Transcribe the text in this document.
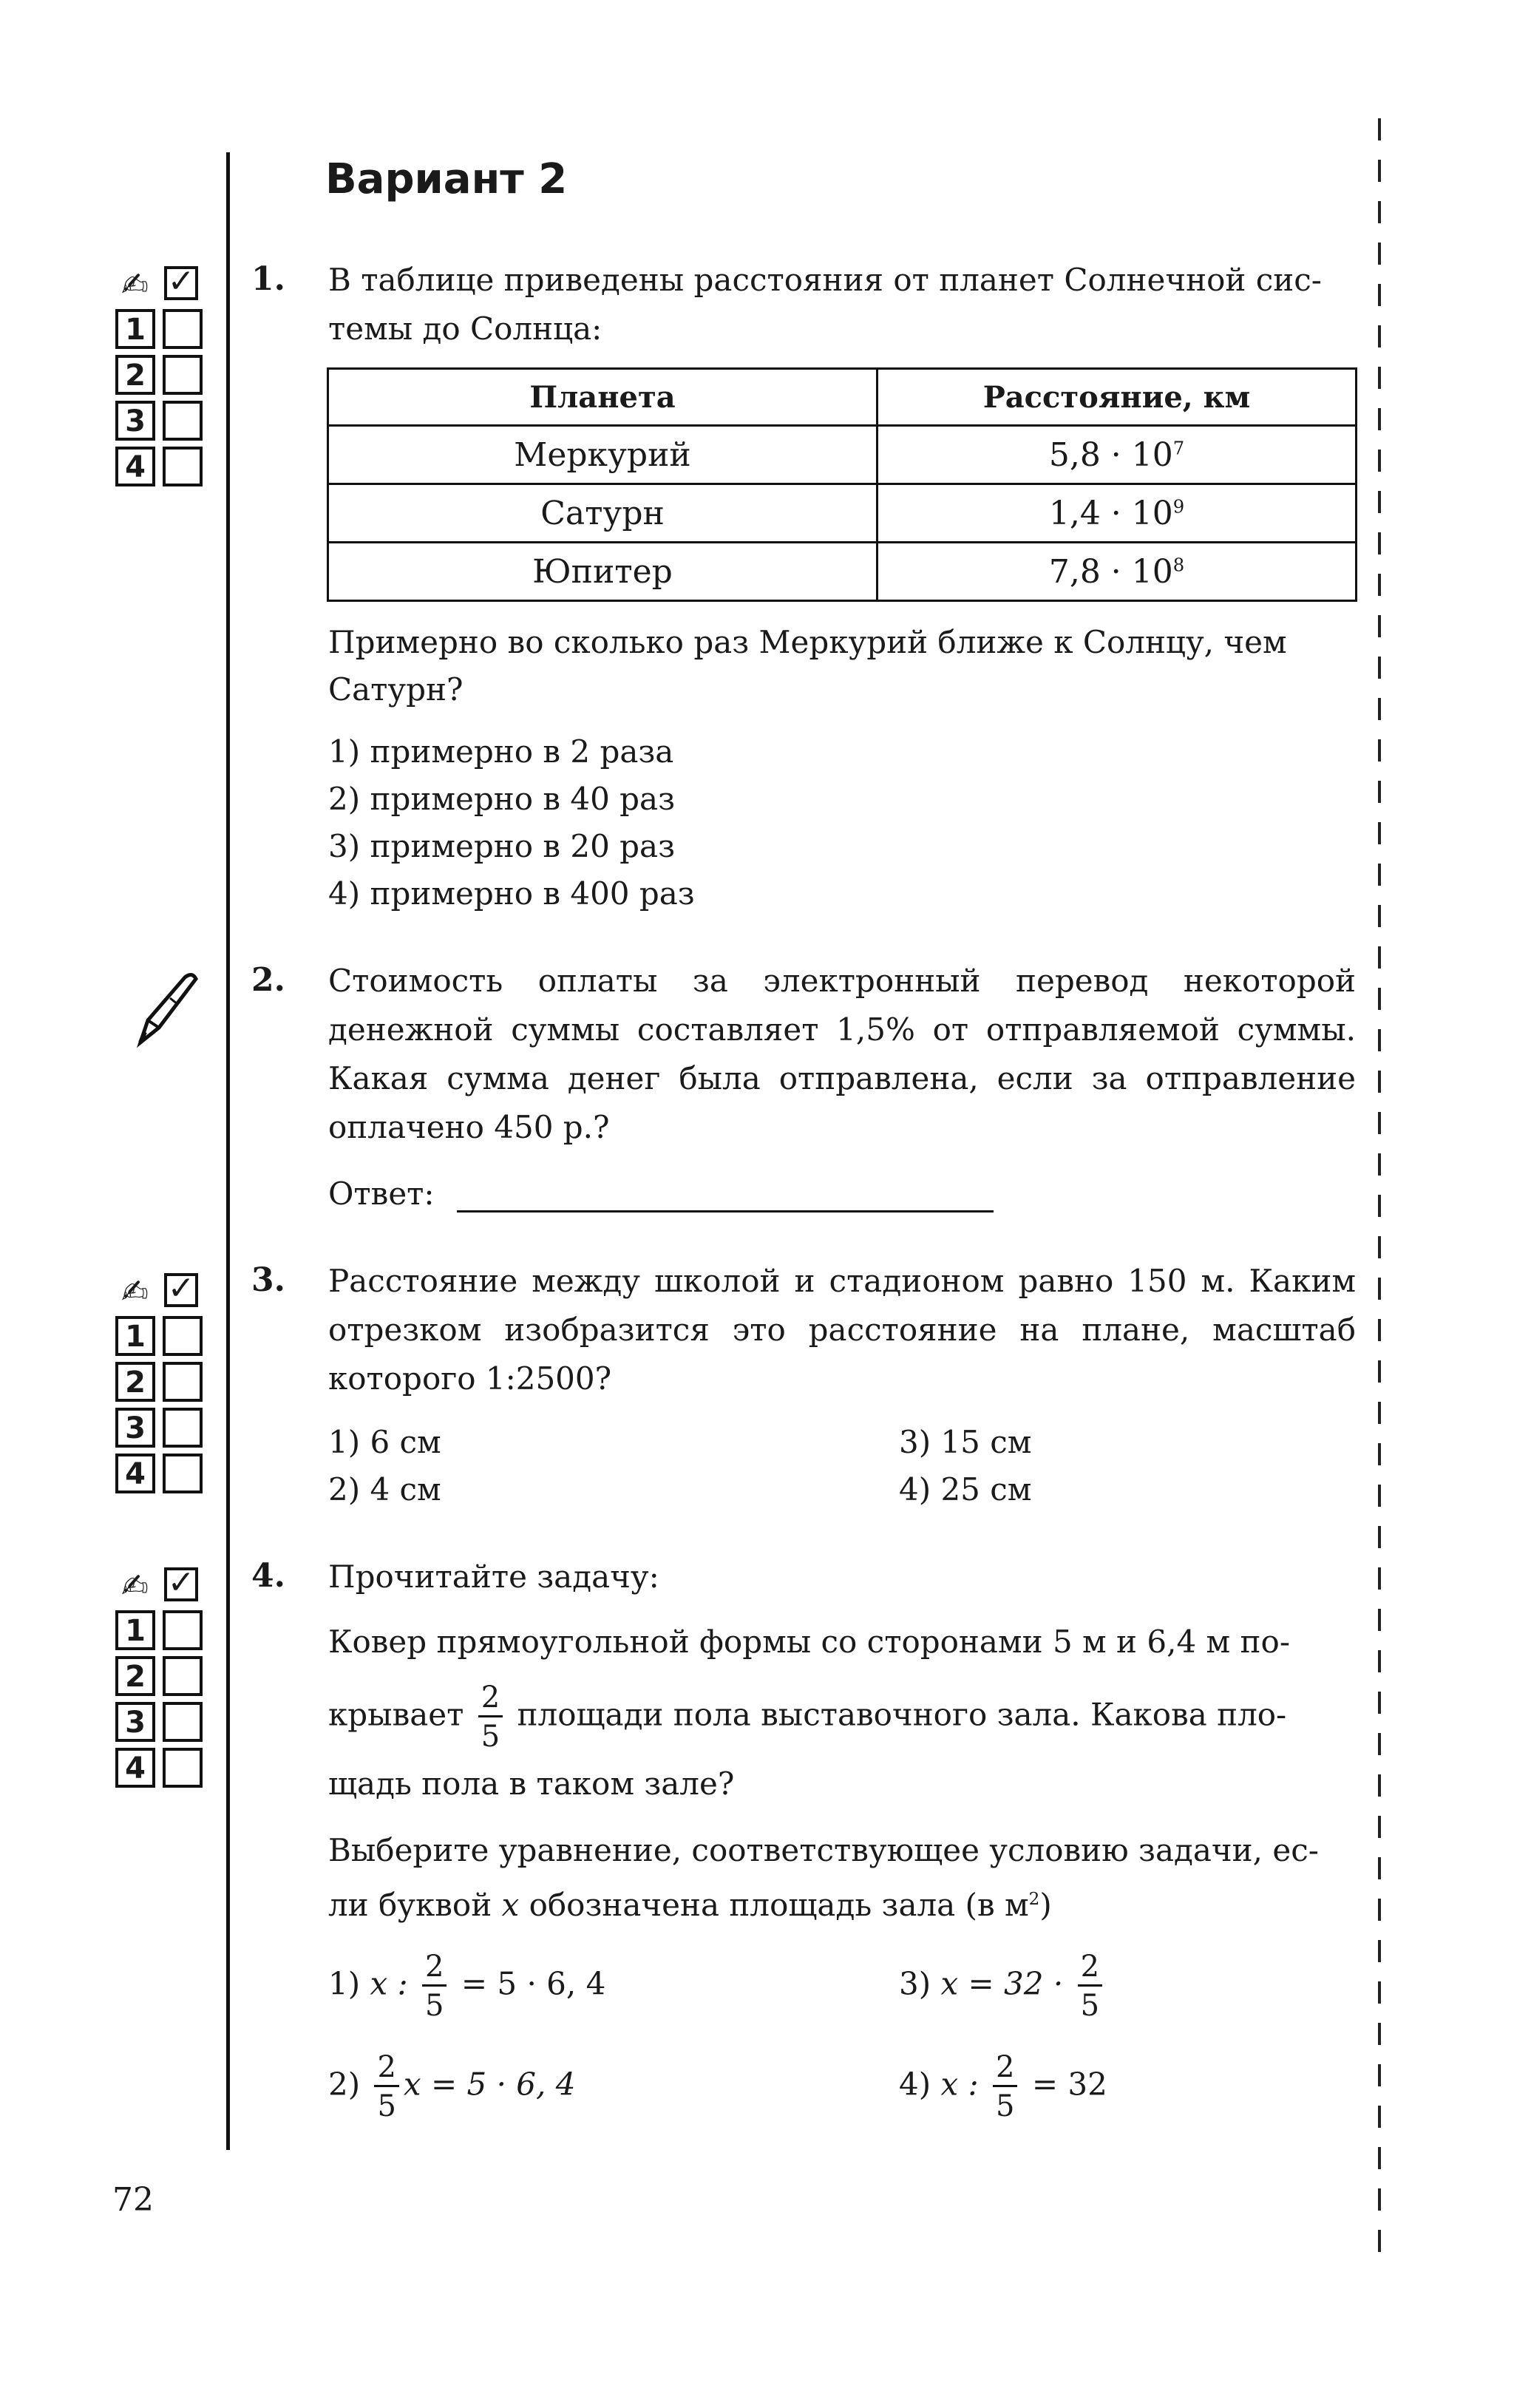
Вариант 2
✍ ✓
1
2
3
4
✍ ✓
1
2
3
4
✍ ✓
1
2
3
4
1. В таблице приведены расстояния от планет Солнечной сис-
темы до Солнца:
Планета	Расстояние, км
Меркурий	$5,8 \cdot 10^7$
Сатурн	$1,4 \cdot 10^9$
Юпитер	$7,8 \cdot 10^8$
Примерно во сколько раз Меркурий ближе к Солнцу, чем
Сатурн?
1) примерно в 2 раза
2) примерно в 40 раз
3) примерно в 20 раз
4) примерно в 400 раз
2. Стоимость оплаты за электронный перевод некоторой денежной суммы составляет 1,5% от отправляемой суммы. Какая сумма денег была отправлена, если за отправление оплачено 450 р.?
Ответ:
3. Расстояние между школой и стадионом равно 150 м. Каким отрезком изобразится это расстояние на плане, масштаб которого 1:2500?
1) 6 см	3) 15 см
2) 4 см	4) 25 см
4. Прочитайте задачу:
Ковер прямоугольной формы со сторонами 5 м и 6,4 м по-
крывает $\frac{2}{5}$ площади пола выставочного зала. Какова пло-
щадь пола в таком зале?
Выберите уравнение, соответствующее условию задачи, ес-
ли буквой x обозначена площадь зала (в $м^2$)
1) x : $\frac{2}{5} = 5 \cdot 6$, 4	3) $x = 32 \cdot \frac{2}{5}$
$2) \frac{2}{5}$ x = 5 · 6, 4	4) x : $\frac{2}{5} = 32$
72
